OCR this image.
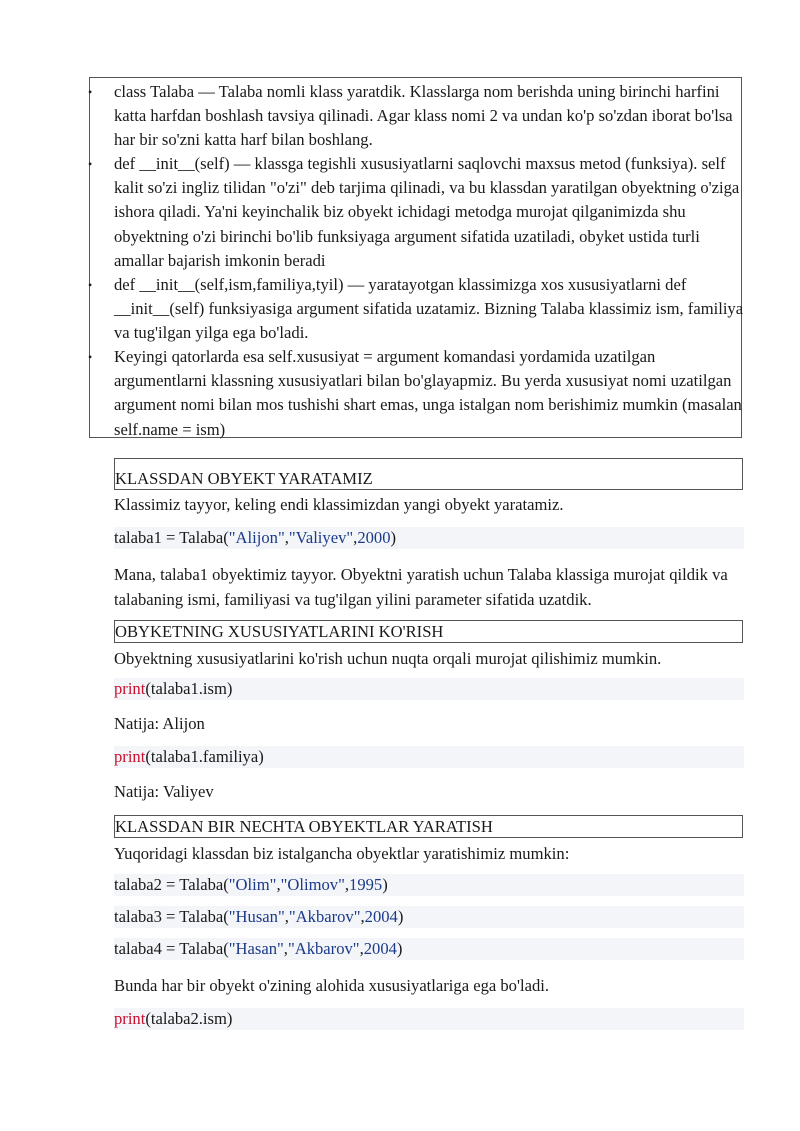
• class Talaba — Talaba nomli klass yaratdik. Klasslarga nom berishda uning birinchi harfini katta harfdan boshlash tavsiya qilinadi. Agar klass nomi 2 va undan ko'p so'zdan iborat bo'lsa har bir so'zni katta harf bilan boshlang.
• def __init__(self) — klassga tegishli xususiyatlarni saqlovchi maxsus metod (funksiya). self kalit so'zi ingliz tilidan "o'zi" deb tarjima qilinadi, va bu klassdan yaratilgan obyektning o'ziga ishora qiladi. Ya'ni keyinchalik biz obyekt ichidagi metodga murojat qilganimizda shu obyektning o'zi birinchi bo'lib funksiyaga argument sifatida uzatiladi, obyket ustida turli amallar bajarish imkonin beradi
• def __init__(self,ism,familiya,tyil) — yaratayotgan klassimizga xos xususiyatlarni def __init__(self) funksiyasiga argument sifatida uzatamiz. Bizning Talaba klassimiz ism, familiya va tug'ilgan yilga ega bo'ladi.
• Keyingi qatorlarda esa self.xususiyat = argument komandasi yordamida uzatilgan argumentlarni klassning xususiyatlari bilan bo'glayapmiz. Bu yerda xususiyat nomi uzatilgan argument nomi bilan mos tushishi shart emas, unga istalgan nom berishimiz mumkin (masalan self.name = ism)
KLASSDAN OBYEKT YARATAMIZ
Klassimiz tayyor, keling endi klassimizdan yangi obyekt yaratamiz.
talaba1 = Talaba("Alijon","Valiyev",2000)
Mana, talaba1 obyektimiz tayyor. Obyektni yaratish uchun Talaba klassiga murojat qildik va talabaning ismi, familiyasi va tug'ilgan yilini parameter sifatida uzatdik.
OBYKETNING XUSUSIYATLARINI KO'RISH
Obyektning xususiyatlarini ko'rish uchun nuqta orqali murojat qilishimiz mumkin.
print(talaba1.ism)
Natija: Alijon
print(talaba1.familiya)
Natija: Valiyev
KLASSDAN BIR NECHTA OBYEKTLAR YARATISH
Yuqoridagi klassdan biz istalgancha obyektlar yaratishimiz mumkin:
talaba2 = Talaba("Olim","Olimov",1995)
talaba3 = Talaba("Husan","Akbarov",2004)
talaba4 = Talaba("Hasan","Akbarov",2004)
Bunda har bir obyekt o'zining alohida xususiyatlariga ega bo'ladi.
print(talaba2.ism)
